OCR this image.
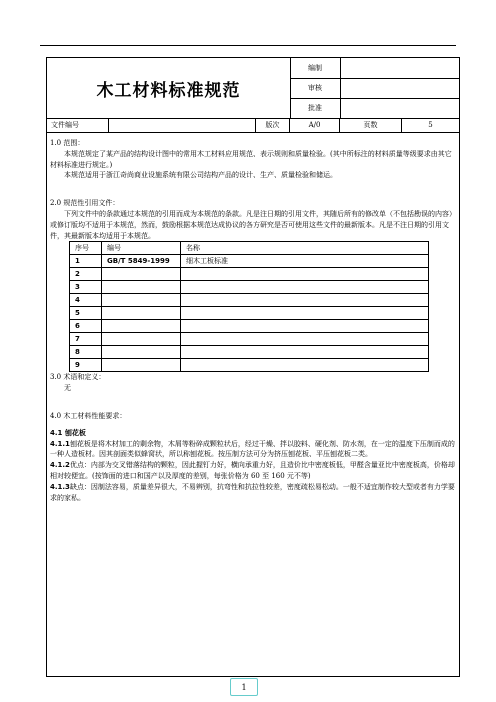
木工材料标准规范
编制
审核
批准
文件编号	版次	A/0	页数	5

1.0 范围：

本规范规定了某产品的结构设计图中的常用木工材料应用规范、表示规则和质量检验。(其中所标注的材料质量等级要求由其它材料标准进行规定。)

本规范适用于浙江奇尚商业设施系统有限公司结构产品的设计、生产、质量检验和储运。

2.0 规范性引用文件：

下列文件中的条款通过本规范的引用而成为本规范的条款。凡是注日期的引用文件，其随后所有的修改单（不包括勘误的内容）或修订版均不适用于本规范，然而，鼓励根据本规范达成协议的各方研究是否可使用这些文件的最新版本。凡是不注日期的引用文件，其最新版本均适用于本规范。

序号	编号	名称
1	GB/T 5849-1999	细木工板标准
2		
3		
4		
5		
6		
7		
8		
9		

3.0 术语和定义：

无

4.0 木工材料性能要求：

4.1 刨花板

4.1.1刨花板是将木材加工的剩余物，木屑等粉碎成颗粒状后，经过干燥、拌以胶料、硬化剂、防水剂，在一定的温度下压制而成的一种人造板材。因其剖面类似蜂窝状，所以称刨花板。按压制方法可分为挤压刨花板、平压刨花板二类。

4.1.2优点：内部为交叉错落结构的颗粒，因此握钉力好，横向承重力好，且造价比中密度板低，甲醛含量亚比中密度板高，价格却相对较便宜。(按饰面的进口和国产以及厚度的差别，每张价格为 60 至 160 元不等)

4.1.3缺点：因制法容易，质量差异很大，不易辨别，抗弯性和抗拉性较差，密度疏松易松动。一般不适宜制作较大型或者有力学要求的家私。

1
